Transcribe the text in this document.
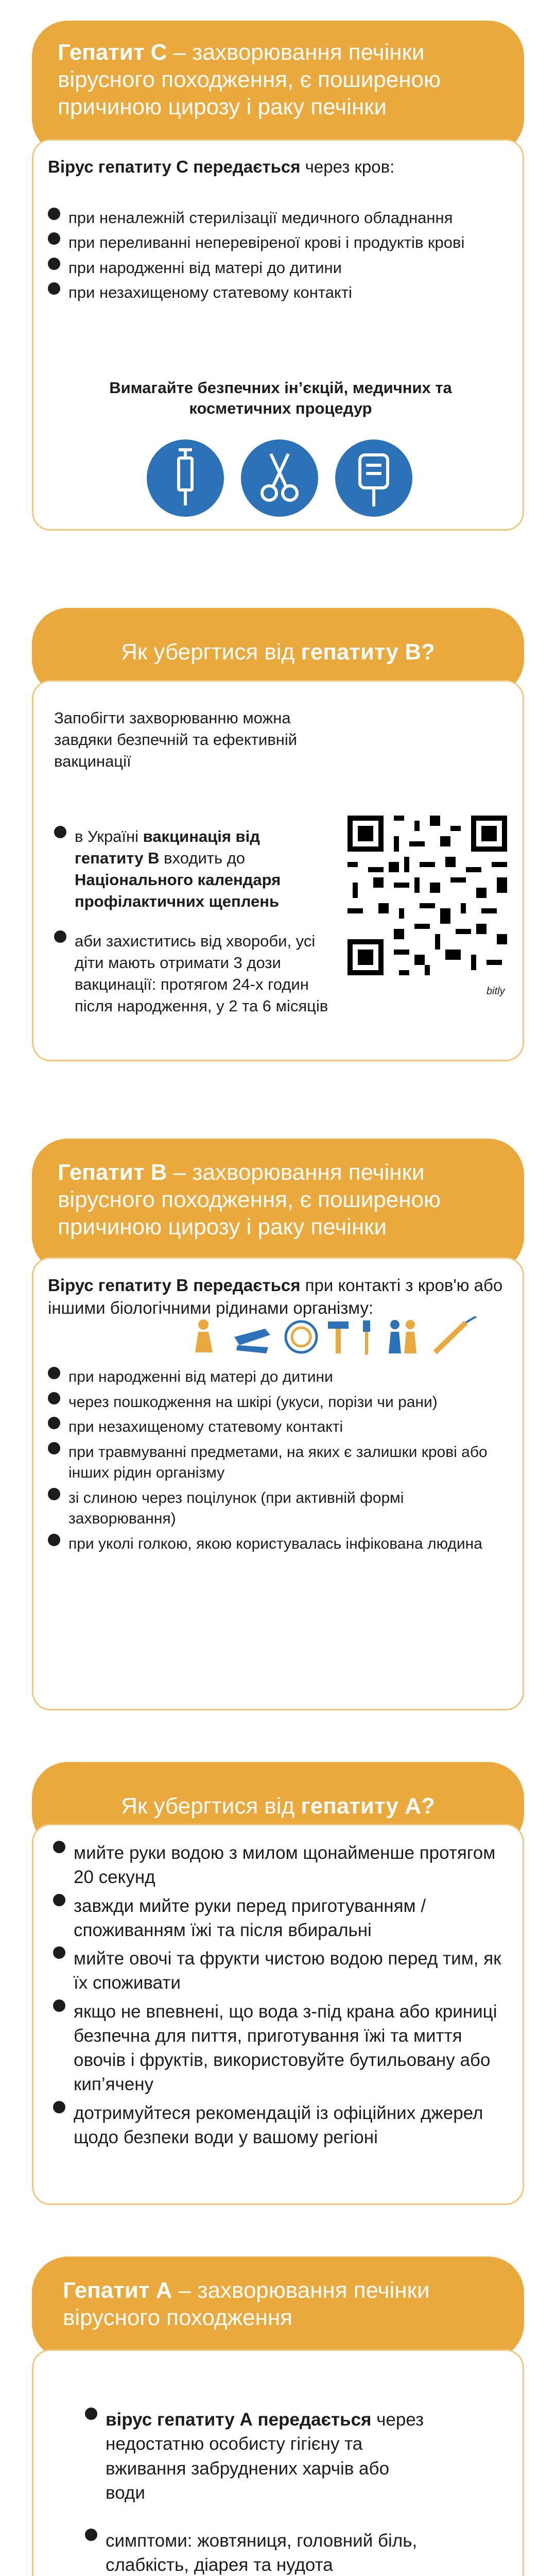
Гепатит С – захворювання печінки вірусного походження, є поширеною причиною цирозу і раку печінки
Вірус гепатиту С передається через кров:
при неналежній стерилізації медичного обладнання
при переливанні неперевіреної крові і продуктів крові
при народженні від матері до дитини
при незахищеному статевому контакті
Вимагайте безпечних ін’єкцій, медичних та косметичних процедур
Як убергтися від гепатиту В?
Запобігти захворюванню можна завдяки безпечній та ефективній вакцинації
в Україні вакцинація від гепатиту В входить до Національного календаря профілактичних щеплень
аби захиститись від хвороби, усі діти мають отримати 3 дози вакцинації: протягом 24-х годин після народження, у 2 та 6 місяців
bitly
Гепатит В – захворювання печінки вірусного походження, є поширеною причиною цирозу і раку печінки
Вірус гепатиту В передається при контакті з кров'ю або іншими біологічними рідинами організму:
при народженні від матері до дитини
через пошкодження на шкірі (укуси, порізи чи рани)
при незахищеному статевому контакті
при травмуванні предметами, на яких є залишки крові або інших рідин організму
зі слиною через поцілунок (при активній формі захворювання)
при уколі голкою, якою користувалась інфікована людина
Як убергтися від гепатиту А?
мийте руки водою з милом щонайменше протягом 20 секунд
завжди мийте руки перед приготуванням / споживанням їжі та після вбиральні
мийте овочі та фрукти чистою водою перед тим, як їх споживати
якщо не впевнені, що вода з-під крана або криниці безпечна для пиття, приготування їжі та миття овочів і фруктів, використовуйте бутильовану або кип’ячену
дотримуйтеся рекомендацій із офіційних джерел щодо безпеки води у вашому регіоні
Гепатит А – захворювання печінки вірусного походження
вірус гепатиту А передається через недостатню особисту гігієну та вживання забруднених харчів або води
симптоми: жовтяниця, головний біль, слабкість, діарея та нудота
